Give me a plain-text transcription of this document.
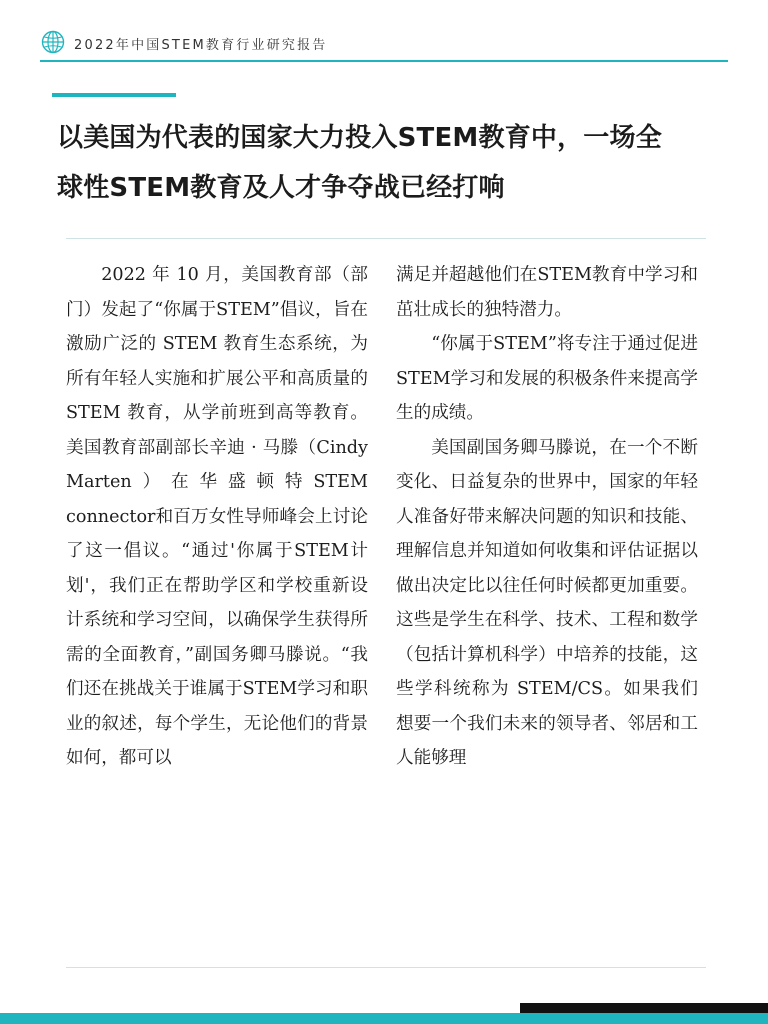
2022年中国STEM教育行业研究报告
以美国为代表的国家大力投入STEM教育中，一场全
球性STEM教育及人才争夺战已经打响

2022 年 10 月，美国教育部（部门）发起了“你属于STEM”倡议，旨在激励广泛的 STEM 教育生态系统，为所有年轻人实施和扩展公平和高质量的 STEM 教育，从学前班到高等教育。美国教育部副部长辛迪 · 马滕（Cindy Marten）在华盛顿特STEM connector和百万女性导师峰会上讨论了这一倡议。“通过'你属于STEM计划'，我们正在帮助学区和学校重新设计系统和学习空间，以确保学生获得所需的全面教育，”副国务卿马滕说。“我们还在挑战关于谁属于STEM学习和职业的叙述，每个学生，无论他们的背景如何，都可以

满足并超越他们在STEM教育中学习和茁壮成长的独特潜力。

“你属于STEM”将专注于通过促进STEM学习和发展的积极条件来提高学生的成绩。

美国副国务卿马滕说，在一个不断变化、日益复杂的世界中，国家的年轻人准备好带来解决问题的知识和技能、理解信息并知道如何收集和评估证据以做出决定比以往任何时候都更加重要。这些是学生在科学、技术、工程和数学（包括计算机科学）中培养的技能，这些学科统称为 STEM/CS。如果我们想要一个我们未来的领导者、邻居和工人能够理
